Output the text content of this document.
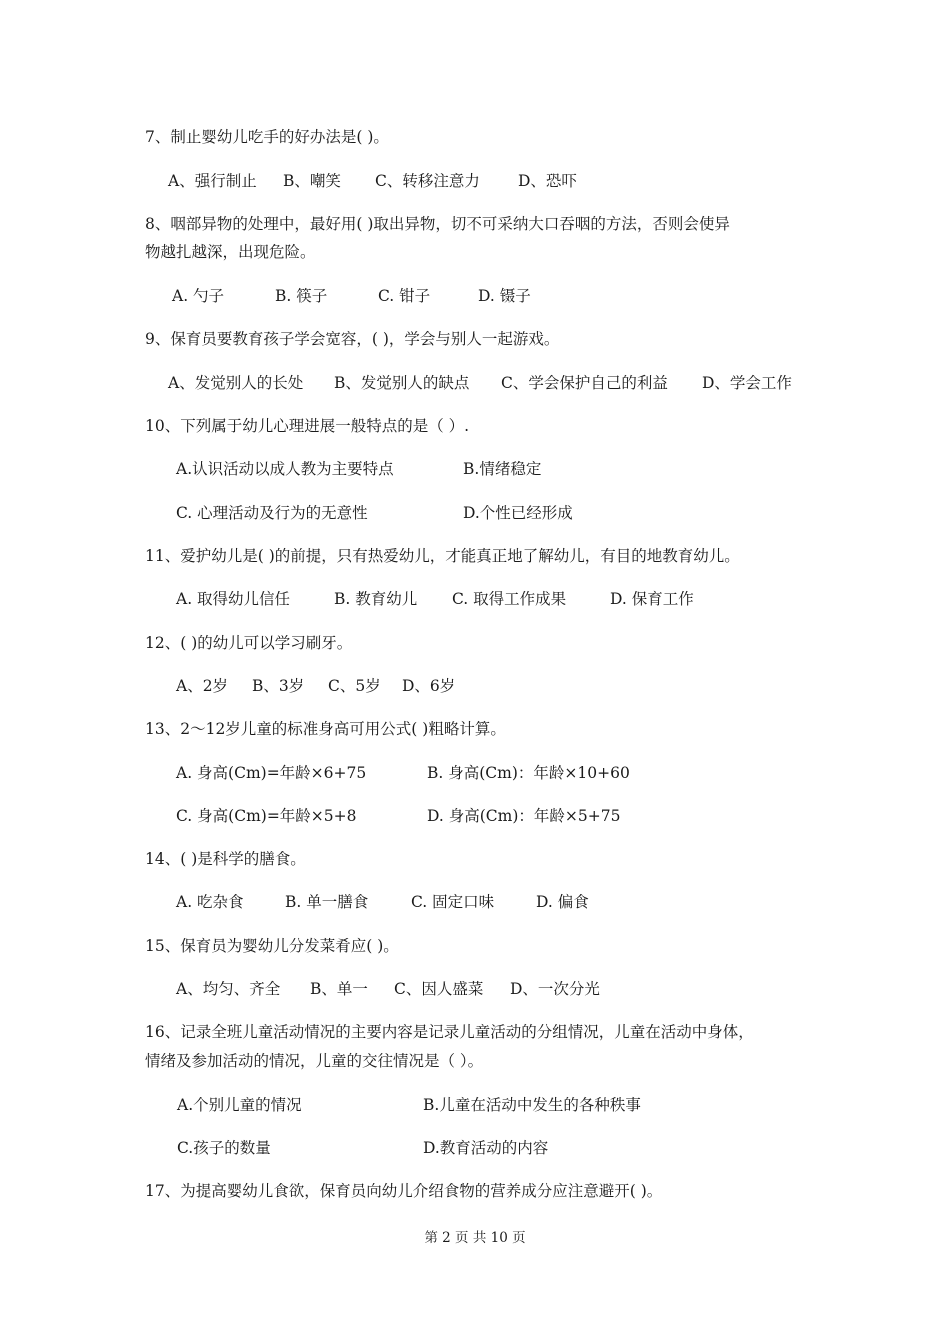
7、制止婴幼儿吃手的好办法是( )。
A、强行制止 B、嘲笑 C、转移注意力 D、恐吓
8、咽部异物的处理中，最好用( )取出异物，切不可采纳大口吞咽的方法，否则会使异
物越扎越深，出现危险。
A. 勺子	B. 筷子	C. 钳子	D. 镊子
9、保育员要教育孩子学会宽容，( )，学会与别人一起游戏。
A、发觉别人的长处 B、发觉别人的缺点 C、学会保护自己的利益 D、学会工作
10、下列属于幼儿心理进展一般特点的是（ ）.
A.认识活动以成人教为主要特点	B.情绪稳定
C. 心理活动及行为的无意性	D.个性已经形成
11、爱护幼儿是( )的前提，只有热爱幼儿，才能真正地了解幼儿，有目的地教育幼儿。
A. 取得幼儿信任	B. 教育幼儿 C. 取得工作成果	D. 保育工作
12、( )的幼儿可以学习刷牙。
A、2岁 B、3岁 C、5岁 D、6岁
13、2～12岁儿童的标准身高可用公式( )粗略计算。
A. 身高(Cm)=年龄×6+75	B. 身高(Cm)：年龄×10+60
C. 身高(Cm)=年龄×5+8	D. 身高(Cm)：年龄×5+75
14、( )是科学的膳食。
A. 吃杂食	B. 单一膳食	C. 固定口味	D. 偏食
15、保育员为婴幼儿分发菜肴应( )。
A、均匀、齐全 B、单一 C、因人盛菜 D、一次分光
16、记录全班儿童活动情况的主要内容是记录儿童活动的分组情况，儿童在活动中身体，
情绪及参加活动的情况，儿童的交往情况是（ ）。
A.个别儿童的情况	B.儿童在活动中发生的各种秩事
C.孩子的数量	D.教育活动的内容
17、为提高婴幼儿食欲，保育员向幼儿介绍食物的营养成分应注意避开( )。
第 2 页 共 10 页
